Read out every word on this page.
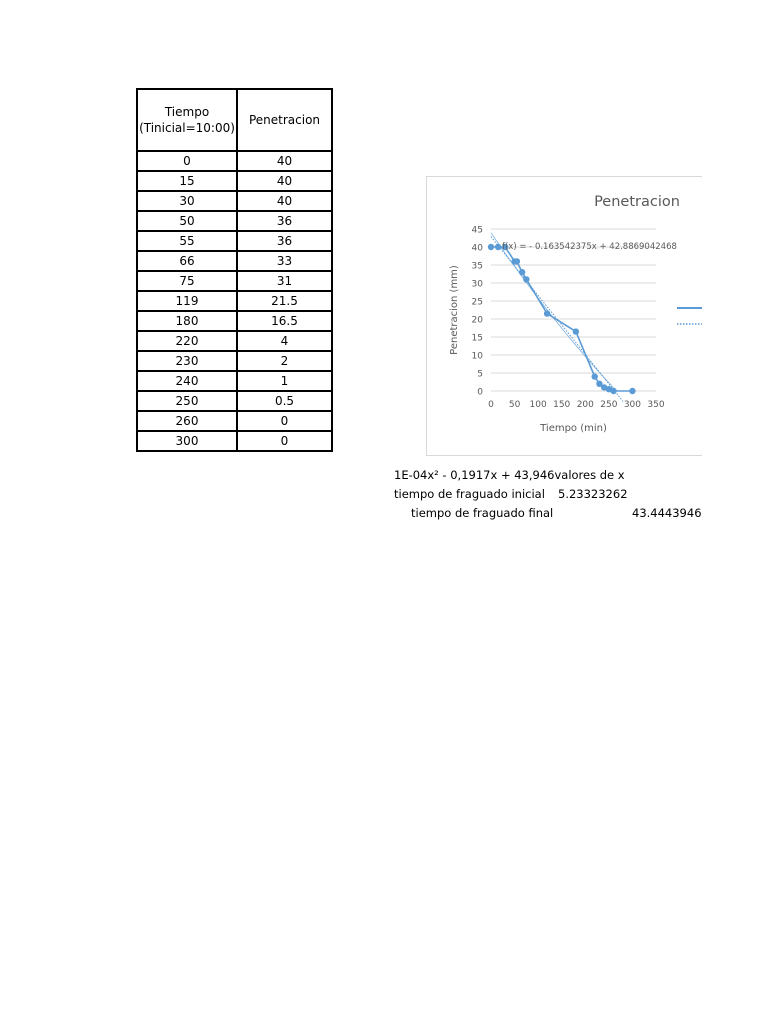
Tiempo
(Tinicial=10:00)	Penetracion
0	40
15	40
30	40
50	36
55	36
66	33
75	31
119	21.5
180	16.5
220	4
230	2
240	1
250	0.5
260	0
300	0
Penetracion
0
5
10
15
20
25
30
35
40
45
0 50 100 150 200 250 300 350
Tiempo (min)
Penetracion (mm)
f(x) = - 0.163542375x + 42.8869042468
1E-04x² - 0,1917x + 43,946valores de x
tiempo de fraguado inicial 5.23323262
tiempo de fraguado final	43.4443946
